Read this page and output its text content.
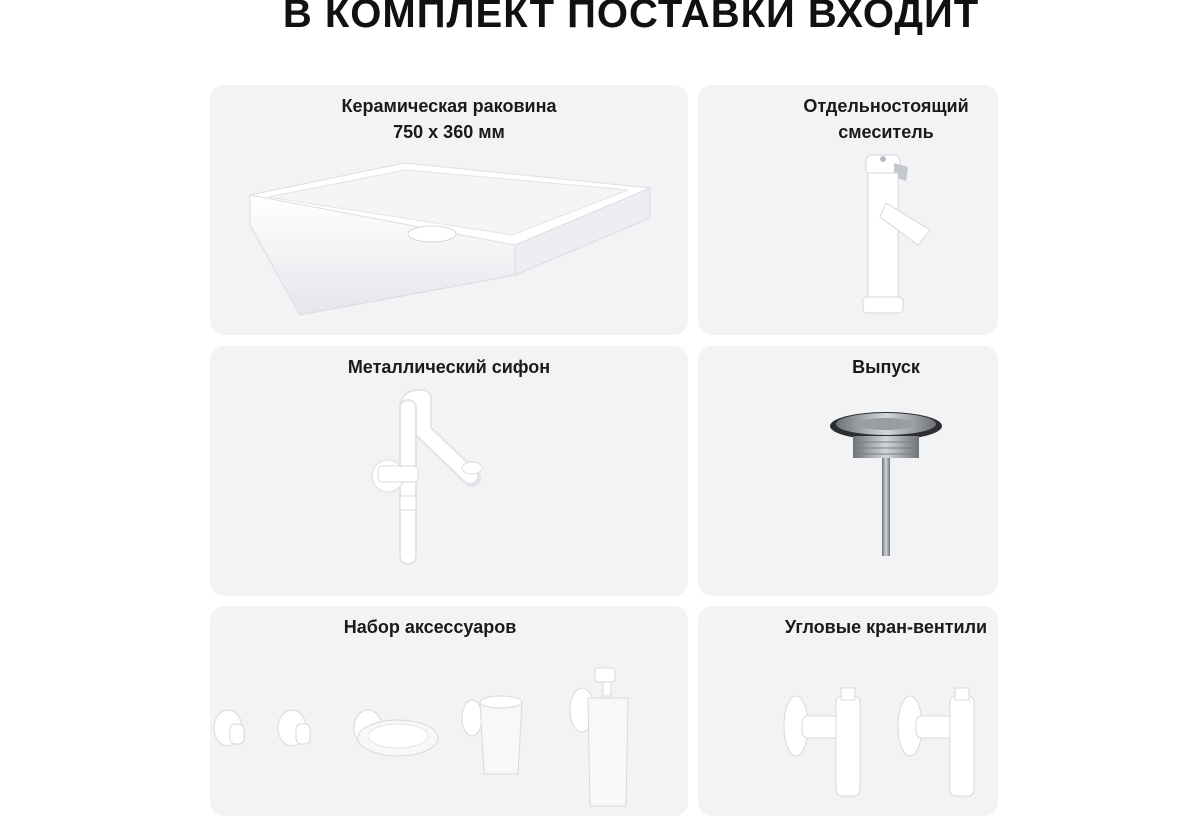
В КОМПЛЕКТ ПОСТАВКИ ВХОДИТ
Керамическая раковина
750 х 360 мм
Отдельностоящий
смеситель
Металлический сифон	Выпуск
Набор аксессуаров	Угловые кран-вентили
